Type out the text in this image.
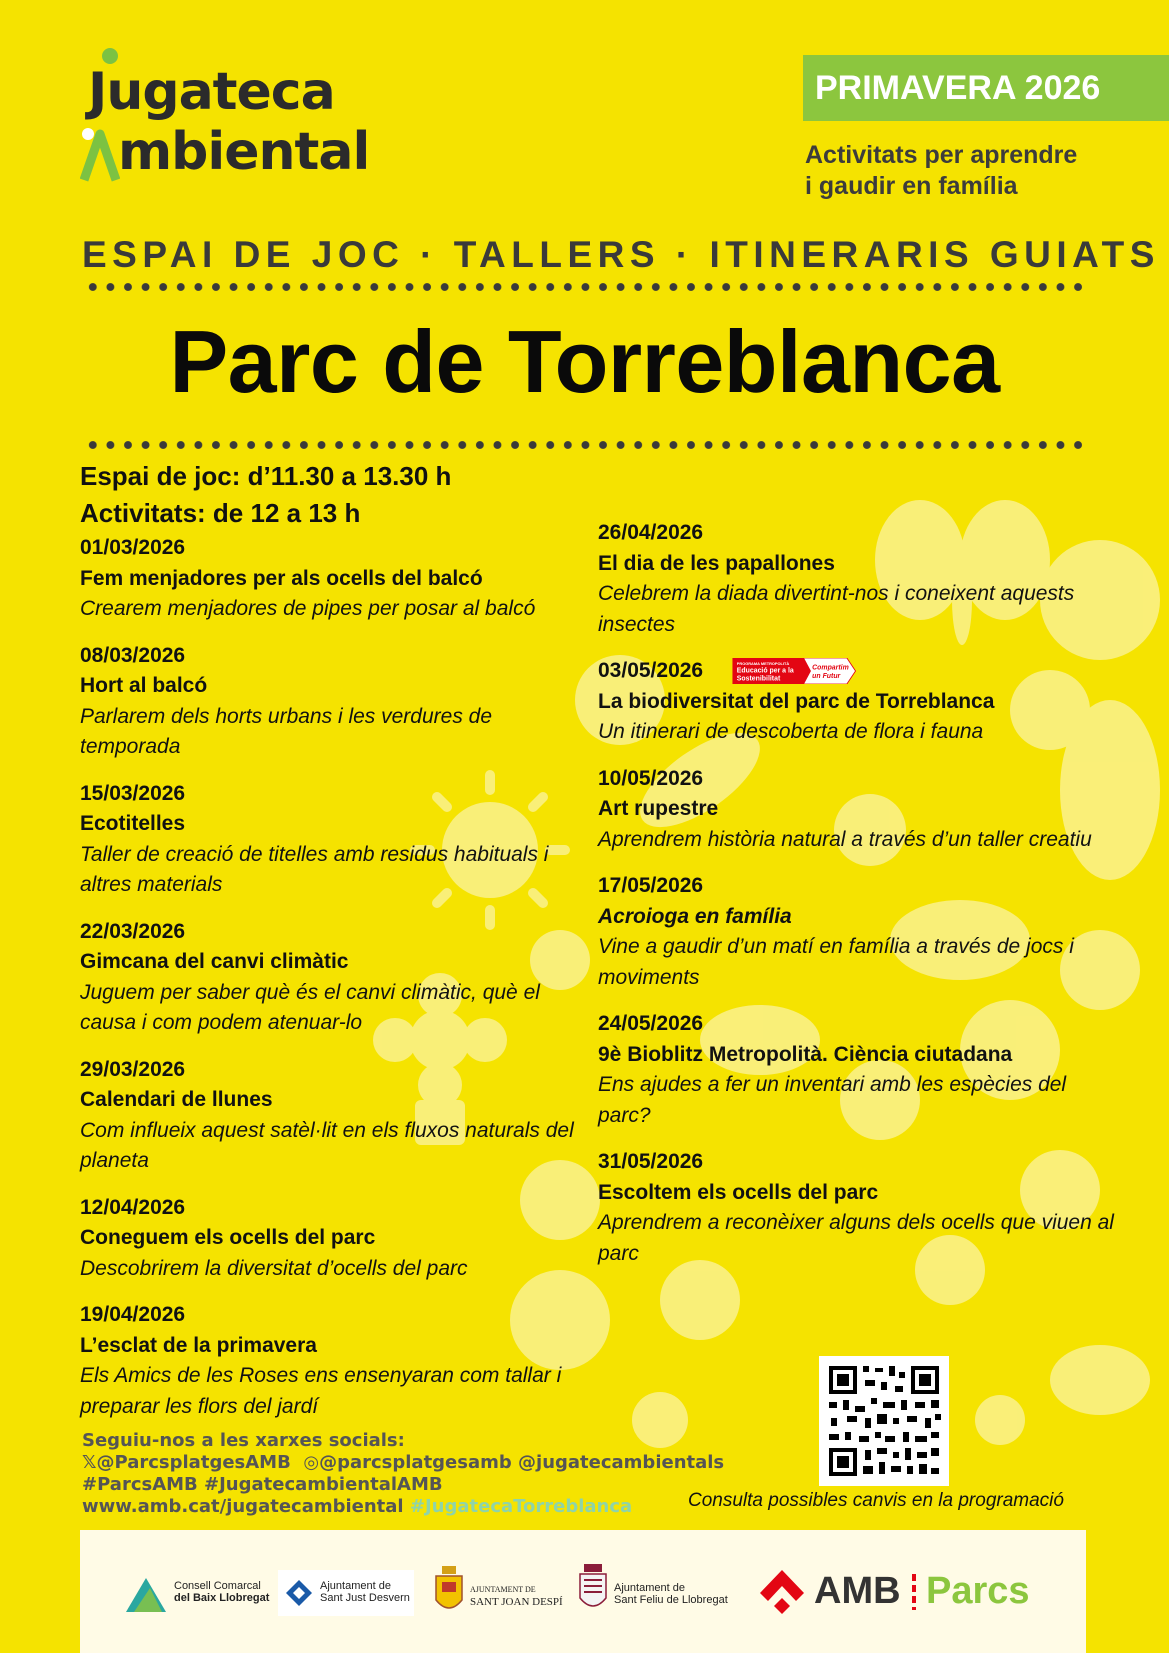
Jugateca
mbiental
PRIMAVERA 2026
Activitats per aprendre
i gaudir en família
ESPAI DE JOC · TALLERS · ITINERARIS GUIATS
Parc de Torreblanca
Espai de joc: d’11.30 a 13.30 h
Activitats: de 12 a 13 h
01/03/2026
Fem menjadores per als ocells del balcó
Crearem menjadores de pipes per posar al balcó
08/03/2026
Hort al balcó
Parlarem dels horts urbans i les verdures de temporada
15/03/2026
Ecotitelles
Taller de creació de titelles amb residus habituals i altres materials
22/03/2026
Gimcana del canvi climàtic
Juguem per saber què és el canvi climàtic, què el causa i com podem atenuar-lo
29/03/2026
Calendari de llunes
Com influeix aquest satèl·lit en els fluxos naturals del planeta
12/04/2026
Coneguem els ocells del parc
Descobrirem la diversitat d’ocells del parc
19/04/2026
L’esclat de la primavera
Els Amics de les Roses ens ensenyaran com tallar i preparar les flors del jardí
26/04/2026
El dia de les papallones
Celebrem la diada divertint-nos i coneixent aquests insectes
03/05/2026	PROGRAMA METROPOLITÀ
Educació per a la
Sostenibilitat
Compartim
un Futur
La biodiversitat del parc de Torreblanca
Un itinerari de descoberta de flora i fauna
10/05/2026
Art rupestre
Aprendrem història natural a través d’un taller creatiu
17/05/2026
Acroioga en família
Vine a gaudir d’un matí en família a través de jocs i moviments
24/05/2026
9è Bioblitz Metropolità. Ciència ciutadana
Ens ajudes a fer un inventari amb les espècies del parc?
31/05/2026
Escoltem els ocells del parc
Aprendrem a reconèixer alguns dels ocells que viuen al parc
Seguiu-nos a les xarxes socials:
𝕏@ParcsplatgesAMB ◎@parcsplatgesamb @jugatecambientals
#ParcsAMB #JugatecambientalAMB
www.amb.cat/jugatecambiental #JugatecaTorreblanca	Consulta possibles canvis en la programació
Consell Comarcal
del Baix Llobregat
Ajuntament de
Sant Just Desvern
AJUNTAMENT DE
SANT JOAN DESPÍ
Ajuntament de
Sant Feliu de Llobregat AMB Parcs
